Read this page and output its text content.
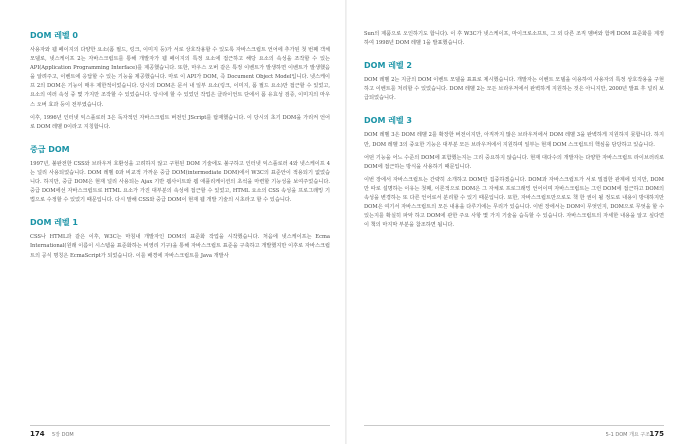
DOM 레벨 0

사용자와 웹 페이지의 다양한 요소(폼 필드, 링크, 이미지 등)가 서로 상호작용할 수 있도록 자바스크립트 언어에 추가된 첫 번째 객체 모델로, 넷스케이프 2는 자바스크립트를 통해 개발자가 웹 페이지의 특정 요소에 접근하고 해당 요소의 속성을 조작할 수 있는 API(Application Programming Interface)를 제공했습니다. 또한, 마우스 오버 같은 특정 이벤트가 발생하면 이벤트가 발생했음을 알려주고, 이벤트에 응답할 수 있는 기능을 제공했습니다. 마로 이 API가 DOM, 즉 Document Object Model입니다. 넷스케이프 2의 DOM은 기능이 매우 제한적이었습니다. 당시의 DOM은 문서 내 일부 요소(링크, 이미지, 폼 필드 요소)만 접근할 수 있었고, 요소의 여러 속성 중 몇 가지만 조작할 수 있었습니다. 당시에 할 수 있었던 작업은 클라이언트 단에서 폼 유효성 검증, 이미지의 마우스 오버 효과 등이 전부였습니다.

이후, 1996년 인터넷 익스플로러 3은 독자적인 자바스크립트 버전인 JScript를 탑재했습니다. 이 당시의 초기 DOM을 가리켜 언어로 DOM 레벨 0이라고 지칭합니다.

중급 DOM

1997년, 불완전한 CSS와 브라우저 호환성을 고려하지 않고 구현된 DOM 기술에도 불구하고 인터넷 익스플로러 4와 넷스케이프 4는 널리 사용되었습니다. DOM 레벨 0과 비교적 가까운 중급 DOM(intermediate DOM)에서 W3C의 표준안이 적용되기 없었습니다. 하지만, 중급 DOM은 현재 널리 사용되는 Ajax 기반 웹사이트와 웹 애플리케이션의 초석을 마련할 기능성을 보여주었습니다. 중급 DOM에선 자바스크립트로 HTML 요소가 가진 대부분의 속성에 접근할 수 있었고, HTML 요소의 CSS 속성을 프로그래밍 기법으로 수정할 수 있었기 때문입니다. 다시 말해 CSS와 중급 DOM이 현재 웹 개발 기술의 시초라고 할 수 있습니다.

DOM 레벨 1

CSS나 HTML과 같은 이후, W3C는 마침내 개발자인 DOM의 표준화 작업을 시작했습니다. 처음에 넷스케이프는 Ecma International(원래 이름이 시스템을 표준화하는 비영리 기구)을 통해 자바스크립트 표준을 구축하고 개발했지만 이후로 자바스크립트의 공식 명칭은 EcmaScript가 되었습니다. 이를 배경에 자바스크립트를 Java 개발사

174 5장 DOM

Sun의 제품으로 오인하기도 합니다). 이 후 W3C가 넷스케이프, 마이크로소프트, 그 외 다른 조직 멤버와 함께 DOM 표준화를 계정하여 1998년 DOM 레벨 1을 발표했습니다.

DOM 레벨 2

DOM 레벨 2는 지금의 DOM 이벤트 모델을 표표로 제시했습니다. 개발자는 이벤트 모델을 이용하여 사용자의 특정 상호작용을 구현하고 이벤트를 처리할 수 있었습니다. DOM 레벨 2는 모든 브라우저에서 완벽하게 지원하는 것은 아니지만, 2000년 발표 후 널리 보급되었습니다.

DOM 레벨 3

DOM 레벨 3은 DOM 레벨 2를 확장한 버전이지만, 아직까지 많은 브라우저에서 DOM 레벨 3을 완벽하게 지원하지 못합니다. 하지만, DOM 레벨 3의 중요한 기능은 대부분 모든 브라우저에서 지원하며 일부는 현재 DOM 스크립트의 핵심을 담당하고 있습니다.

어떤 기능을 어느 수준의 DOM에 포함했는지는 그리 중요하지 않습니다. 현재 대다수의 개발자는 다양한 자바스크립트 라이브러리로 DOM에 접근하는 방식을 사용하기 때문입니다.

이번 장에서 자바스크립트는 간략히 소개하고 DOM만 집중하겠습니다. DOM과 자바스크립트가 서로 밀접한 관계에 있지만, DOM만 따로 설명하는 이유는 첫째, 이론적으로 DOM은 그 자체로 프로그래밍 언어이며 자바스크립트는 그런 DOM에 접근하고 DOM의 속성을 변경하는 또 다른 언어로서 분리할 수 있기 때문입니다. 또한, 자바스크립트만으로도 책 한 권이 될 정도로 내용이 방대하지만 DOM은 여기서 자바스크립트의 모든 내용을 다루기에는 무리가 있습니다. 이번 장에서는 DOM이 무엇인지, DOM으로 무엇을 할 수 있는지를 확실히 파악 하고 DOM에 관한 주요 사항 몇 가지 기술을 습득할 수 있습니다. 자바스크립트의 자세한 내용을 알고 싶다면 이 책의 마지막 부분을 참조하면 됩니다.

5-1 DOM 개요 구조 175
